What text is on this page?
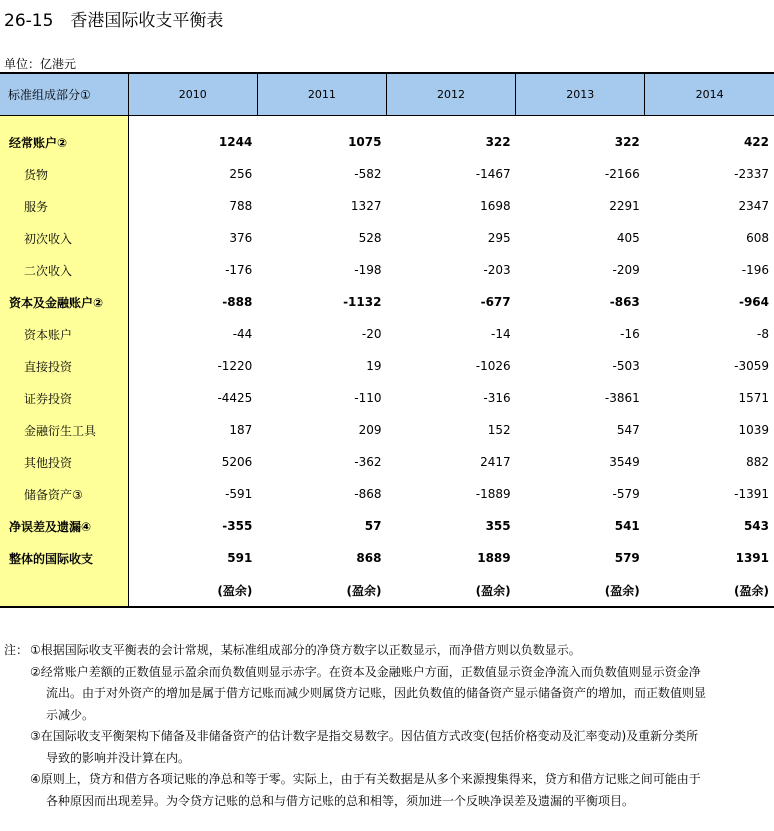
26-15　香港国际收支平衡表
单位：亿港元
标准组成部分①	2010	2011	2012	2013	2014
经常账户②	1244	1075	322	322	422
货物	256	-582	-1467	-2166	-2337
服务	788	1327	1698	2291	2347
初次收入	376	528	295	405	608
二次收入	-176	-198	-203	-209	-196
资本及金融账户②	-888	-1132	-677	-863	-964
资本账户	-44	-20	-14	-16	-8
直接投资	-1220	19	-1026	-503	-3059
证券投资	-4425	-110	-316	-3861	1571
金融衍生工具	187	209	152	547	1039
其他投资	5206	-362	2417	3549	882
储备资产③	-591	-868	-1889	-579	-1391
净误差及遗漏④	-355	57	355	541	543
整体的国际收支	591	868	1889	579	1391
	(盈余)	(盈余)	(盈余)	(盈余)	(盈余)
注： ①根据国际收支平衡表的会计常规，某标准组成部分的净贷方数字以正数显示，而净借方则以负数显示。
②经常账户差额的正数值显示盈余而负数值则显示赤字。在资本及金融账户方面，正数值显示资金净流入而负数值则显示资金净
流出。由于对外资产的增加是属于借方记账而减少则属贷方记账，因此负数值的储备资产显示储备资产的增加，而正数值则显
示减少。
③在国际收支平衡架构下储备及非储备资产的估计数字是指交易数字。因估值方式改变(包括价格变动及汇率变动)及重新分类所
导致的影响并没计算在内。
④原则上，贷方和借方各项记账的净总和等于零。实际上，由于有关数据是从多个来源搜集得来，贷方和借方记账之间可能由于
各种原因而出现差异。为令贷方记账的总和与借方记账的总和相等，须加进一个反映净误差及遗漏的平衡项目。
